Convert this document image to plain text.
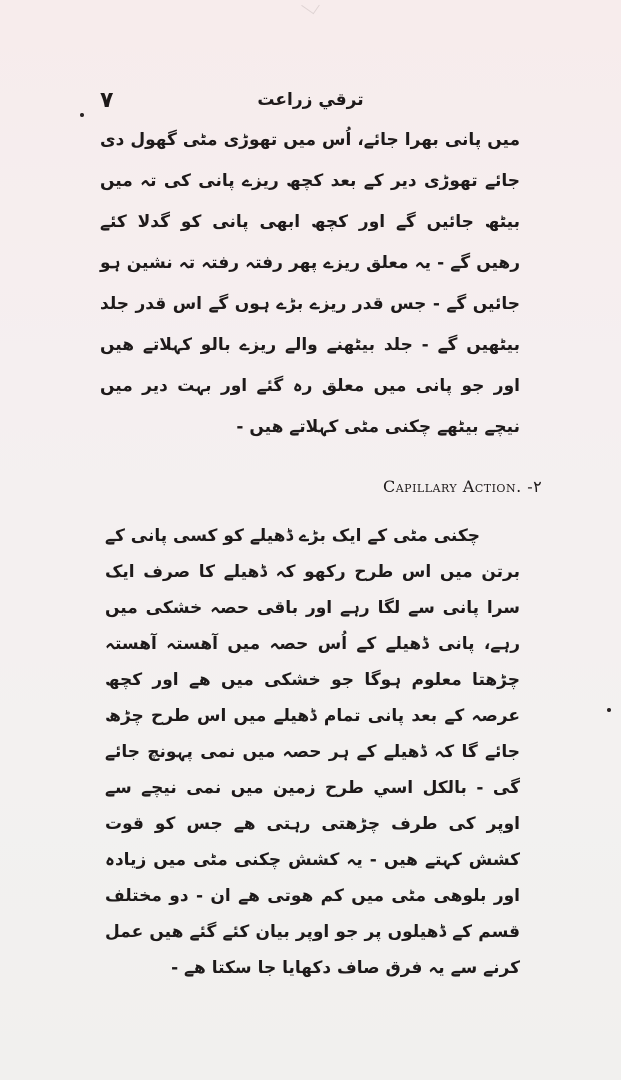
۷	ترقي زراعت

میں پانی بھرا جائے، اُس میں تھوڑی مٹی گھول دی جائے تھوڑی دیر کے بعد کچھ ریزے پانی کی تہ میں بیٹھ جائیں گے اور کچھ ابھی پانی کو گدلا کئے رھیں گے - یہ معلق ریزے پھر رفتہ رفتہ تہ نشین ہو جائیں گے - جس قدر ریزے بڑے ہوں گے اس قدر جلد بیٹھیں گے - جلد بیٹھنے والے ریزے بالو کہلاتے ھیں اور جو پانی میں معلق رہ گئے اور بہت دیر میں نیچے بیٹھے چکنی مٹی کہلاتے ھیں -

Capillary Action. -۲

چکنی مٹی کے ایک بڑے ڈھیلے کو کسی پانی کے برتن میں اس طرح رکھو کہ ڈھیلے کا صرف ایک سرا پانی سے لگا رہے اور باقی حصہ خشکی میں رہے، پانی ڈھیلے کے اُس حصہ میں آھستہ آھستہ چڑھتا معلوم ہوگا جو خشکی میں ھے اور کچھ عرصہ کے بعد پانی تمام ڈھیلے میں اس طرح چڑھ جائے گا کہ ڈھیلے کے ہر حصہ میں نمی پہونچ جائے گی - بالکل اسي طرح زمین میں نمی نیچے سے اوپر کی طرف چڑھتی رہتی ھے جس کو قوت کشش کہتے ھیں - یہ کشش چکنی مٹی میں زیادہ اور بلوھی مٹی میں کم ھوتی ھے ان - دو مختلف قسم کے ڈھیلوں پر جو اوپر بیان کئے گئے ھیں عمل کرنے سے یہ فرق صاف دکھایا جا سکتا ھے -
